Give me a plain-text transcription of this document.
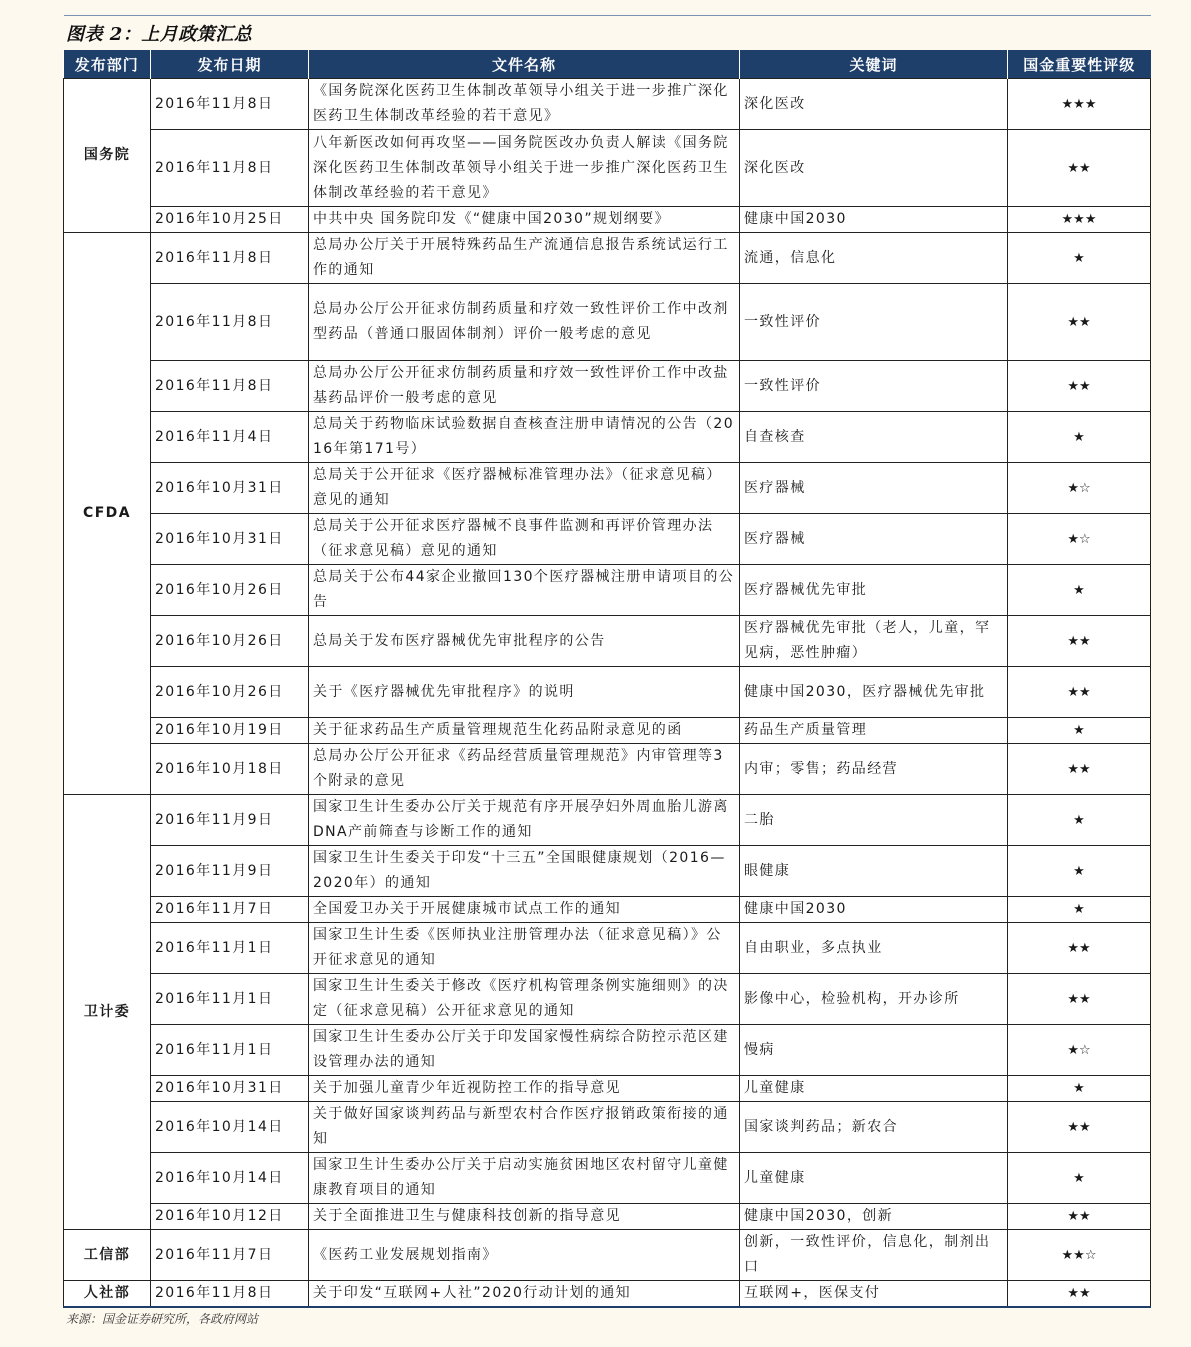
图表 2：上月政策汇总
发布部门	发布日期	文件名称	关键词	国金重要性评级
国务院	2016年11月8日	《国务院深化医药卫生体制改革领导小组关于进一步推广深化医药卫生体制改革经验的若干意见》	深化医改	★★★
	2016年11月8日	八年新医改如何再攻坚——国务院医改办负责人解读《国务院深化医药卫生体制改革领导小组关于进一步推广深化医药卫生体制改革经验的若干意见》	深化医改	★★
	2016年10月25日	中共中央 国务院印发《“健康中国2030”规划纲要》	健康中国2030	★★★
CFDA	2016年11月8日	总局办公厅关于开展特殊药品生产流通信息报告系统试运行工作的通知	流通，信息化	★
	2016年11月8日	总局办公厅公开征求仿制药质量和疗效一致性评价工作中改剂型药品（普通口服固体制剂）评价一般考虑的意见	一致性评价	★★
	2016年11月8日	总局办公厅公开征求仿制药质量和疗效一致性评价工作中改盐基药品评价一般考虑的意见	一致性评价	★★
	2016年11月4日	总局关于药物临床试验数据自查核查注册申请情况的公告（2016年第171号）	自查核查	★
	2016年10月31日	总局关于公开征求《医疗器械标准管理办法》（征求意见稿）意见的通知	医疗器械	★☆
	2016年10月31日	总局关于公开征求医疗器械不良事件监测和再评价管理办法（征求意见稿）意见的通知	医疗器械	★☆
	2016年10月26日	总局关于公布44家企业撤回130个医疗器械注册申请项目的公告	医疗器械优先审批	★
	2016年10月26日	总局关于发布医疗器械优先审批程序的公告	医疗器械优先审批（老人，儿童，罕见病，恶性肿瘤）	★★
	2016年10月26日	关于《医疗器械优先审批程序》的说明	健康中国2030，医疗器械优先审批	★★
	2016年10月19日	关于征求药品生产质量管理规范生化药品附录意见的函	药品生产质量管理	★
	2016年10月18日	总局办公厅公开征求《药品经营质量管理规范》内审管理等3个附录的意见	内审；零售；药品经营	★★
卫计委	2016年11月9日	国家卫生计生委办公厅关于规范有序开展孕妇外周血胎儿游离DNA产前筛查与诊断工作的通知	二胎	★
	2016年11月9日	国家卫生计生委关于印发“十三五”全国眼健康规划（2016—2020年）的通知	眼健康	★
	2016年11月7日	全国爱卫办关于开展健康城市试点工作的通知	健康中国2030	★
	2016年11月1日	国家卫生计生委《医师执业注册管理办法（征求意见稿）》公开征求意见的通知	自由职业，多点执业	★★
	2016年11月1日	国家卫生计生委关于修改《医疗机构管理条例实施细则》的决定（征求意见稿）公开征求意见的通知	影像中心，检验机构，开办诊所	★★
	2016年11月1日	国家卫生计生委办公厅关于印发国家慢性病综合防控示范区建设管理办法的通知	慢病	★☆
	2016年10月31日	关于加强儿童青少年近视防控工作的指导意见	儿童健康	★
	2016年10月14日	关于做好国家谈判药品与新型农村合作医疗报销政策衔接的通知	国家谈判药品；新农合	★★
	2016年10月14日	国家卫生计生委办公厅关于启动实施贫困地区农村留守儿童健康教育项目的通知	儿童健康	★
	2016年10月12日	关于全面推进卫生与健康科技创新的指导意见	健康中国2030，创新	★★
工信部	2016年11月7日	《医药工业发展规划指南》	创新，一致性评价，信息化，制剂出口	★★☆
人社部	2016年11月8日	关于印发“互联网+人社”2020行动计划的通知	互联网+，医保支付	★★
来源：国金证券研究所，各政府网站
